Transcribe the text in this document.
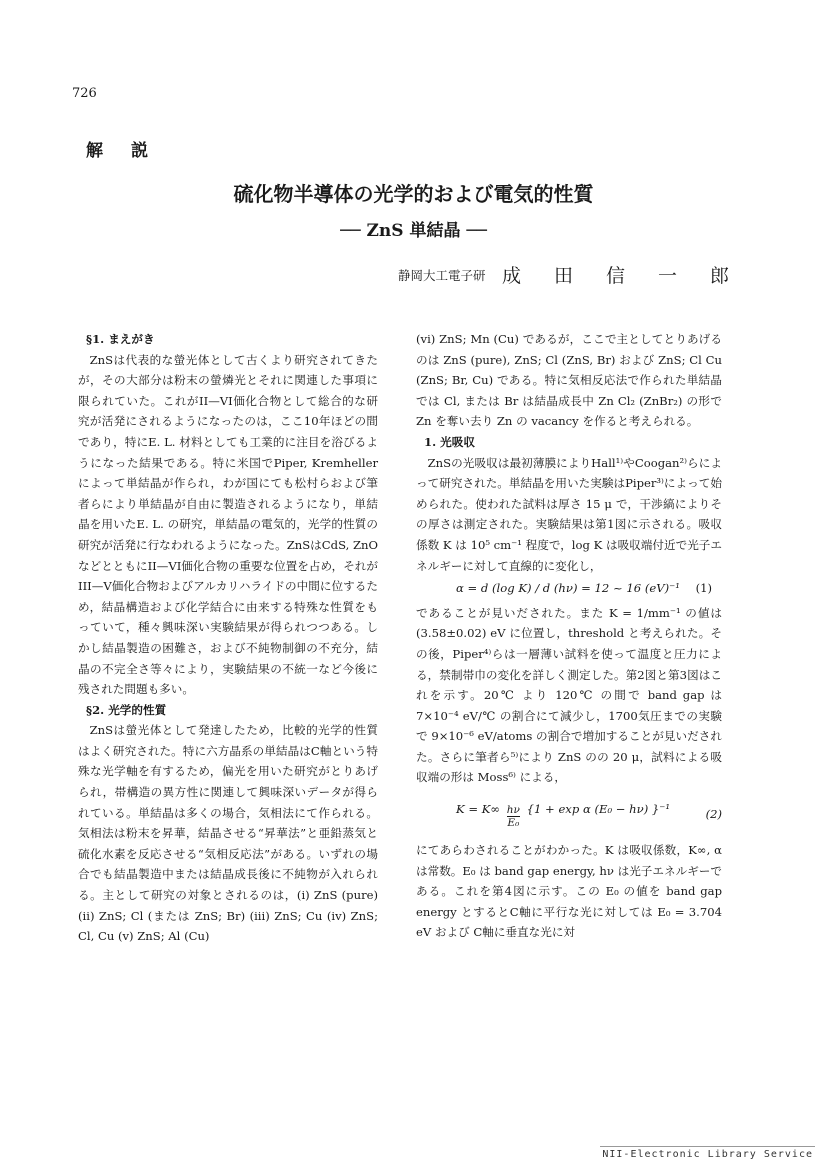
726
解説
硫化物半導体の光学的および電気的性質
── ZnS 単結晶 ──
静岡大工電子研 成田信一郎

§1. まえがき

ZnSは代表的な螢光体として古くより研究されてきたが，その大部分は粉末の螢燐光とそれに関連した事項に限られていた。これがII—VI価化合物として総合的な研究が活発にされるようになったのは，ここ10年ほどの間であり，特にE. L. 材料としても工業的に注目を浴びるようになった結果である。特に米国でPiper, Kremhellerによって単結晶が作られ，わが国にても松村らおよび筆者らにより単結晶が自由に製造されるようになり，単結晶を用いたE. L. の研究，単結晶の電気的，光学的性質の研究が活発に行なわれるようになった。ZnSはCdS, ZnOなどとともにII—VI価化合物の重要な位置を占め，それがIII—V価化合物およびアルカリハライドの中間に位するため，結晶構造および化学結合に由来する特殊な性質をもっていて，種々興味深い実験結果が得られつつある。しかし結晶製造の困難さ，および不純物制御の不充分，結晶の不完全さ等々により，実験結果の不統一など今後に残された問題も多い。

§2. 光学的性質

ZnSは螢光体として発達したため，比較的光学的性質はよく研究された。特に六方晶系の単結晶はC軸という特殊な光学軸を有するため，偏光を用いた研究がとりあげられ，帯構造の異方性に関連して興味深いデータが得られている。単結晶は多くの場合，気相法にて作られる。気相法は粉末を昇華，結晶させる“昇華法”と亜鉛蒸気と硫化水素を反応させる“気相反応法”がある。いずれの場合でも結晶製造中または結晶成長後に不純物が入れられる。主として研究の対象とされるのは，(i) ZnS (pure) (ii) ZnS; Cl (または ZnS; Br) (iii) ZnS; Cu (iv) ZnS; Cl, Cu (v) ZnS; Al (Cu)

(vi) ZnS; Mn (Cu) であるが，ここで主としてとりあげるのは ZnS (pure), ZnS; Cl (ZnS, Br) および ZnS; Cl Cu (ZnS; Br, Cu) である。特に気相反応法で作られた単結晶では Cl, または Br は結晶成長中 Zn Cl₂ (ZnBr₂) の形で Zn を奪い去り Zn の vacancy を作ると考えられる。

1. 光吸収

ZnSの光吸収は最初薄膜によりHall¹⁾やCoogan²⁾らによって研究された。単結晶を用いた実験はPiper³⁾によって始められた。使われた試料は厚さ 15 μ で，干渉縞によりその厚さは測定された。実験結果は第1図に示される。吸収係数 K は 10⁵ cm⁻¹ 程度で，log K は吸収端付近で光子エネルギーに対して直線的に変化し，

α = d (log K) / d (hν) = 12 ~ 16 (eV)⁻¹ (1)

であることが見いだされた。また K = 1/mm⁻¹ の値は (3.58±0.02) eV に位置し，threshold と考えられた。その後，Piper⁴⁾らは一層薄い試料を使って温度と圧力による，禁制帯巾の変化を詳しく測定した。第2図と第3図はこれを示す。20℃ より 120℃ の間で band gap は 7×10⁻⁴ eV/℃ の割合にて減少し，1700気圧までの実験で 9×10⁻⁶ eV/atoms の割合で増加することが見いだされた。さらに筆者ら⁵⁾により ZnS のの 20 μ，試料による吸収端の形は Moss⁶⁾ による，

$K = K\infty \frac{h\nu}{\text{E₀}} \{1 + \exp \alpha$ (E₀ − hν) }⁻¹	(2)

にてあらわされることがわかった。K は吸収係数，K∞, α は常数。E₀ は band gap energy, hν は光子エネルギーである。これを第4図に示す。この E₀ の値を band gap energy とするとC軸に平行な光に対しては E₀ = 3.704 eV および C軸に垂直な光に対

NII-Electronic Library Service
